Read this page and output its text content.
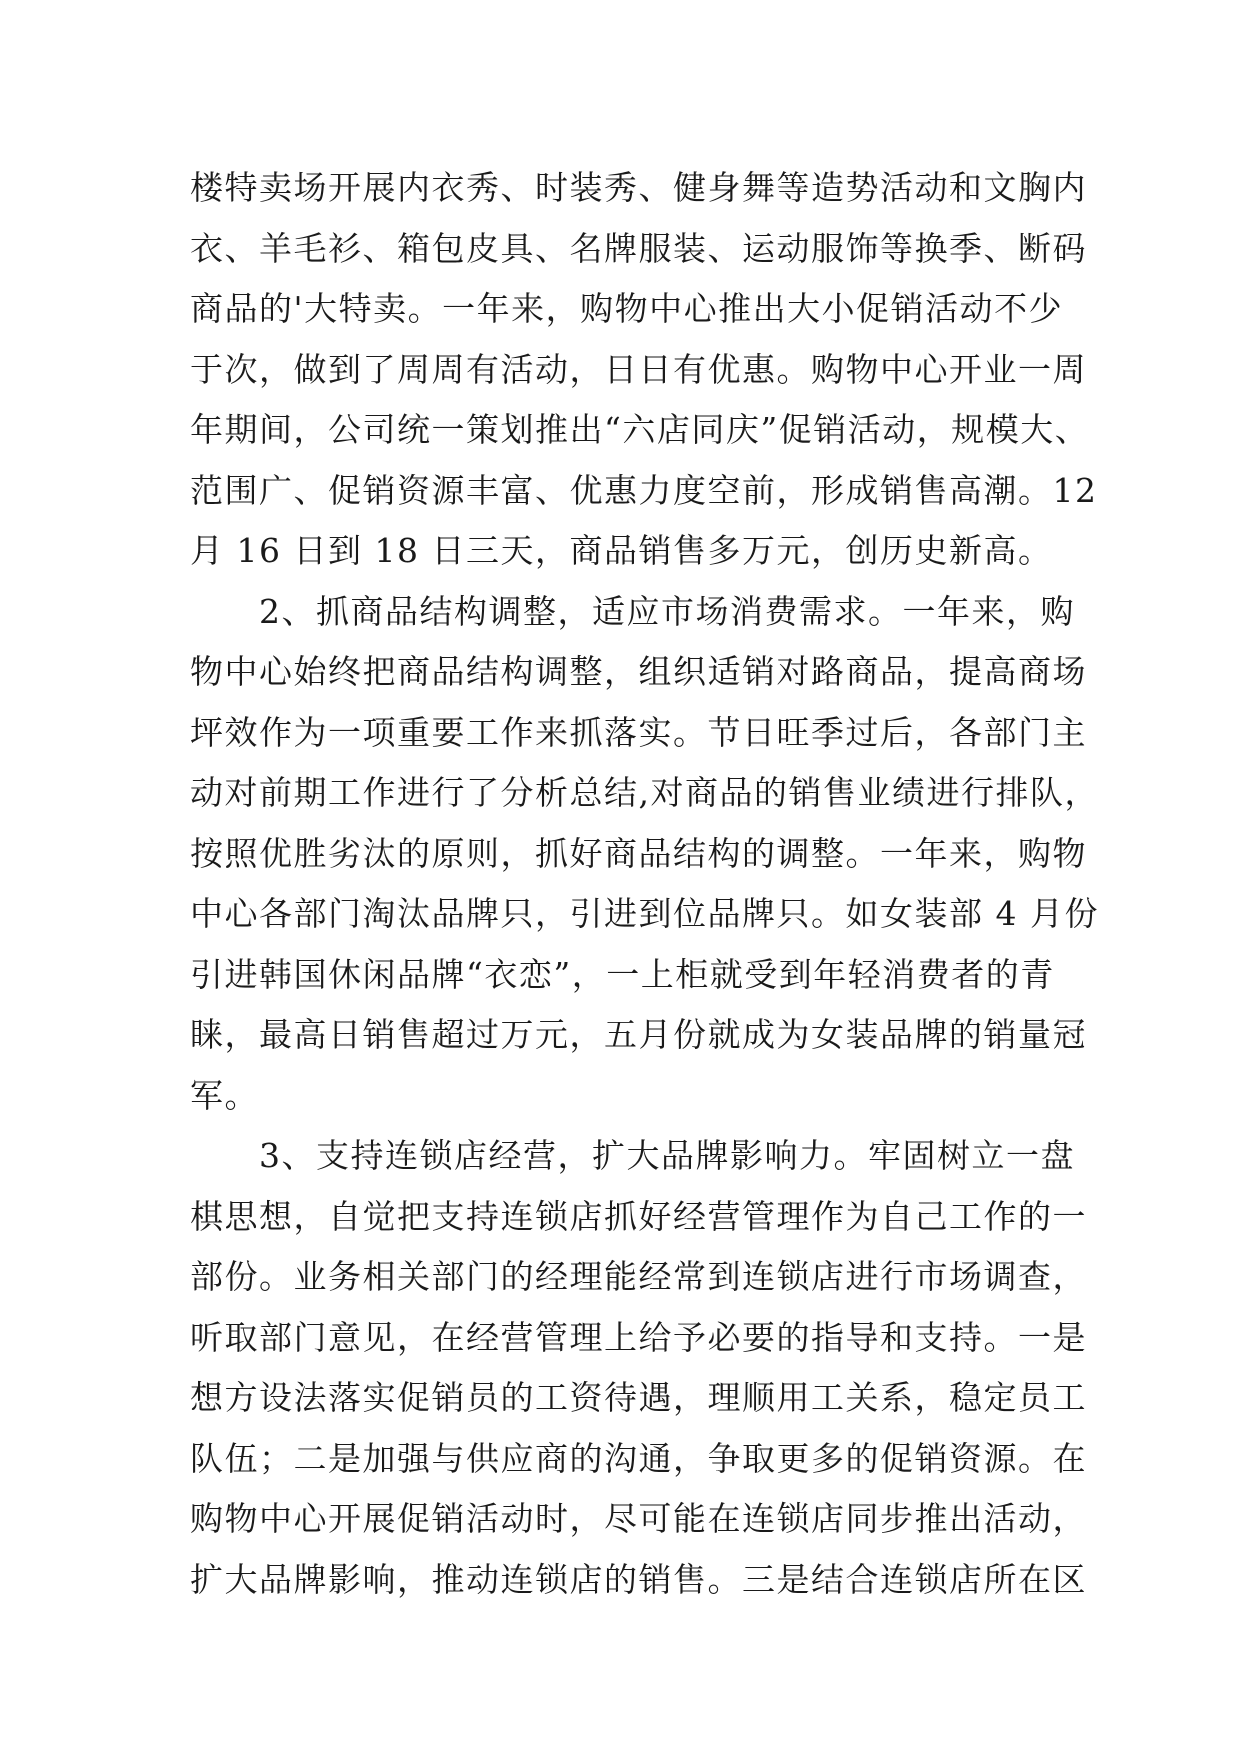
楼特卖场开展内衣秀、时装秀、健身舞等造势活动和文胸内
衣、羊毛衫、箱包皮具、名牌服装、运动服饰等换季、断码
商品的'大特卖。一年来，购物中心推出大小促销活动不少
于次，做到了周周有活动，日日有优惠。购物中心开业一周
年期间，公司统一策划推出“六店同庆”促销活动，规模大、
范围广、促销资源丰富、优惠力度空前，形成销售高潮。12
月 16 日到 18 日三天，商品销售多万元，创历史新高。
　　2、抓商品结构调整，适应市场消费需求。一年来，购
物中心始终把商品结构调整，组织适销对路商品，提高商场
坪效作为一项重要工作来抓落实。节日旺季过后，各部门主
动对前期工作进行了分析总结,对商品的销售业绩进行排队，
按照优胜劣汰的原则，抓好商品结构的调整。一年来，购物
中心各部门淘汰品牌只，引进到位品牌只。如女装部 4 月份
引进韩国休闲品牌“衣恋”，一上柜就受到年轻消费者的青
睐，最高日销售超过万元，五月份就成为女装品牌的销量冠
军。
　　3、支持连锁店经营，扩大品牌影响力。牢固树立一盘
棋思想，自觉把支持连锁店抓好经营管理作为自己工作的一
部份。业务相关部门的经理能经常到连锁店进行市场调查，
听取部门意见，在经营管理上给予必要的指导和支持。一是
想方设法落实促销员的工资待遇，理顺用工关系，稳定员工
队伍；二是加强与供应商的沟通，争取更多的促销资源。在
购物中心开展促销活动时，尽可能在连锁店同步推出活动，
扩大品牌影响，推动连锁店的销售。三是结合连锁店所在区
